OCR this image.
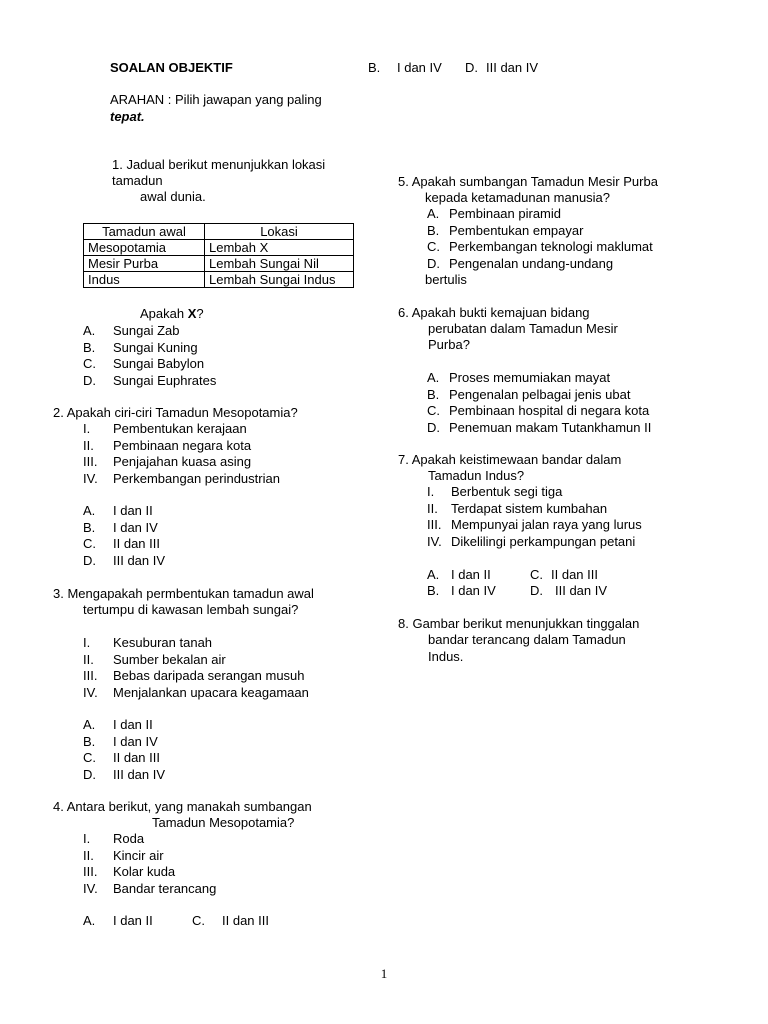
SOALAN OBJEKTIF
ARAHAN : Pilih jawapan yang paling
tepat.
1. Jadual berikut menunjukkan lokasi
tamadun
awal dunia.
Tamadun awal	Lokasi
Mesopotamia	Lembah X
Mesir Purba	Lembah Sungai Nil
Indus	Lembah Sungai Indus
Apakah X?
A. Sungai Zab
B. Sungai Kuning
C. Sungai Babylon
D. Sungai Euphrates
2. Apakah ciri-ciri Tamadun Mesopotamia?
I. Pembentukan kerajaan
II. Pembinaan negara kota
III. Penjajahan kuasa asing
IV. Perkembangan perindustrian
A. I dan II
B. I dan IV
C. II dan III
D. III dan IV
3. Mengapakah permbentukan tamadun awal
tertumpu di kawasan lembah sungai?
I. Kesuburan tanah
II. Sumber bekalan air
III. Bebas daripada serangan musuh
IV. Menjalankan upacara keagamaan
A. I dan II
B. I dan IV
C. II dan III
D. III dan IV
4. Antara berikut, yang manakah sumbangan
Tamadun Mesopotamia?
I. Roda
II. Kincir air
III. Kolar kuda
IV. Bandar terancang
A. I dan II	C. II dan III
B. I dan IV D. III dan IV
5. Apakah sumbangan Tamadun Mesir Purba
kepada ketamadunan manusia?
A. Pembinaan piramid
B. Pembentukan empayar
C. Perkembangan teknologi maklumat
D. Pengenalan undang-undang
bertulis
6. Apakah bukti kemajuan bidang
perubatan dalam Tamadun Mesir
Purba?
A. Proses memumiakan mayat
B. Pengenalan pelbagai jenis ubat
C. Pembinaan hospital di negara kota
D. Penemuan makam Tutankhamun II
7. Apakah keistimewaan bandar dalam
Tamadun Indus?
I. Berbentuk segi tiga
II. Terdapat sistem kumbahan
III. Mempunyai jalan raya yang lurus
IV. Dikelilingi perkampungan petani
A. I dan II	C. II dan III
B. I dan IV	D. III dan IV
8. Gambar berikut menunjukkan tinggalan
bandar terancang dalam Tamadun
Indus.
1
